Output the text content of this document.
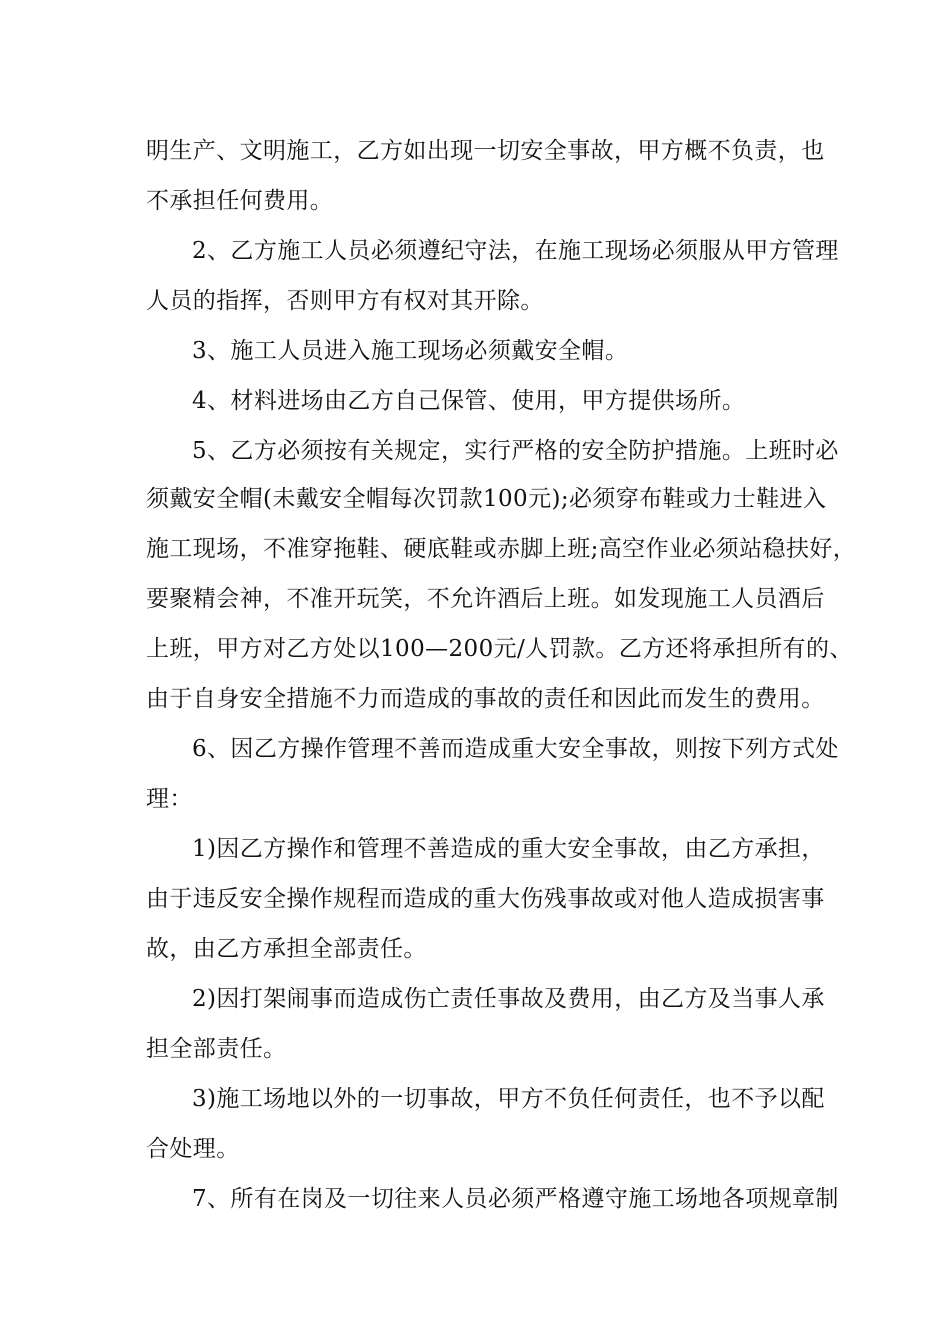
明生产、文明施工，乙方如出现一切安全事故，甲方概不负责，也
不承担任何费用。
2、乙方施工人员必须遵纪守法，在施工现场必须服从甲方管理
人员的指挥，否则甲方有权对其开除。
3、施工人员进入施工现场必须戴安全帽。
4、材料进场由乙方自己保管、使用，甲方提供场所。
5、乙方必须按有关规定，实行严格的安全防护措施。上班时必
须戴安全帽(未戴安全帽每次罚款100元);必须穿布鞋或力士鞋进入
施工现场，不准穿拖鞋、硬底鞋或赤脚上班;高空作业必须站稳扶好，
要聚精会神，不准开玩笑，不允许酒后上班。如发现施工人员酒后
上班，甲方对乙方处以100—200元/人罚款。乙方还将承担所有的、
由于自身安全措施不力而造成的事故的责任和因此而发生的费用。
6、因乙方操作管理不善而造成重大安全事故，则按下列方式处
理：
1)因乙方操作和管理不善造成的重大安全事故，由乙方承担，
由于违反安全操作规程而造成的重大伤残事故或对他人造成损害事
故，由乙方承担全部责任。
2)因打架闹事而造成伤亡责任事故及费用，由乙方及当事人承
担全部责任。
3)施工场地以外的一切事故，甲方不负任何责任，也不予以配
合处理。
7、所有在岗及一切往来人员必须严格遵守施工场地各项规章制
